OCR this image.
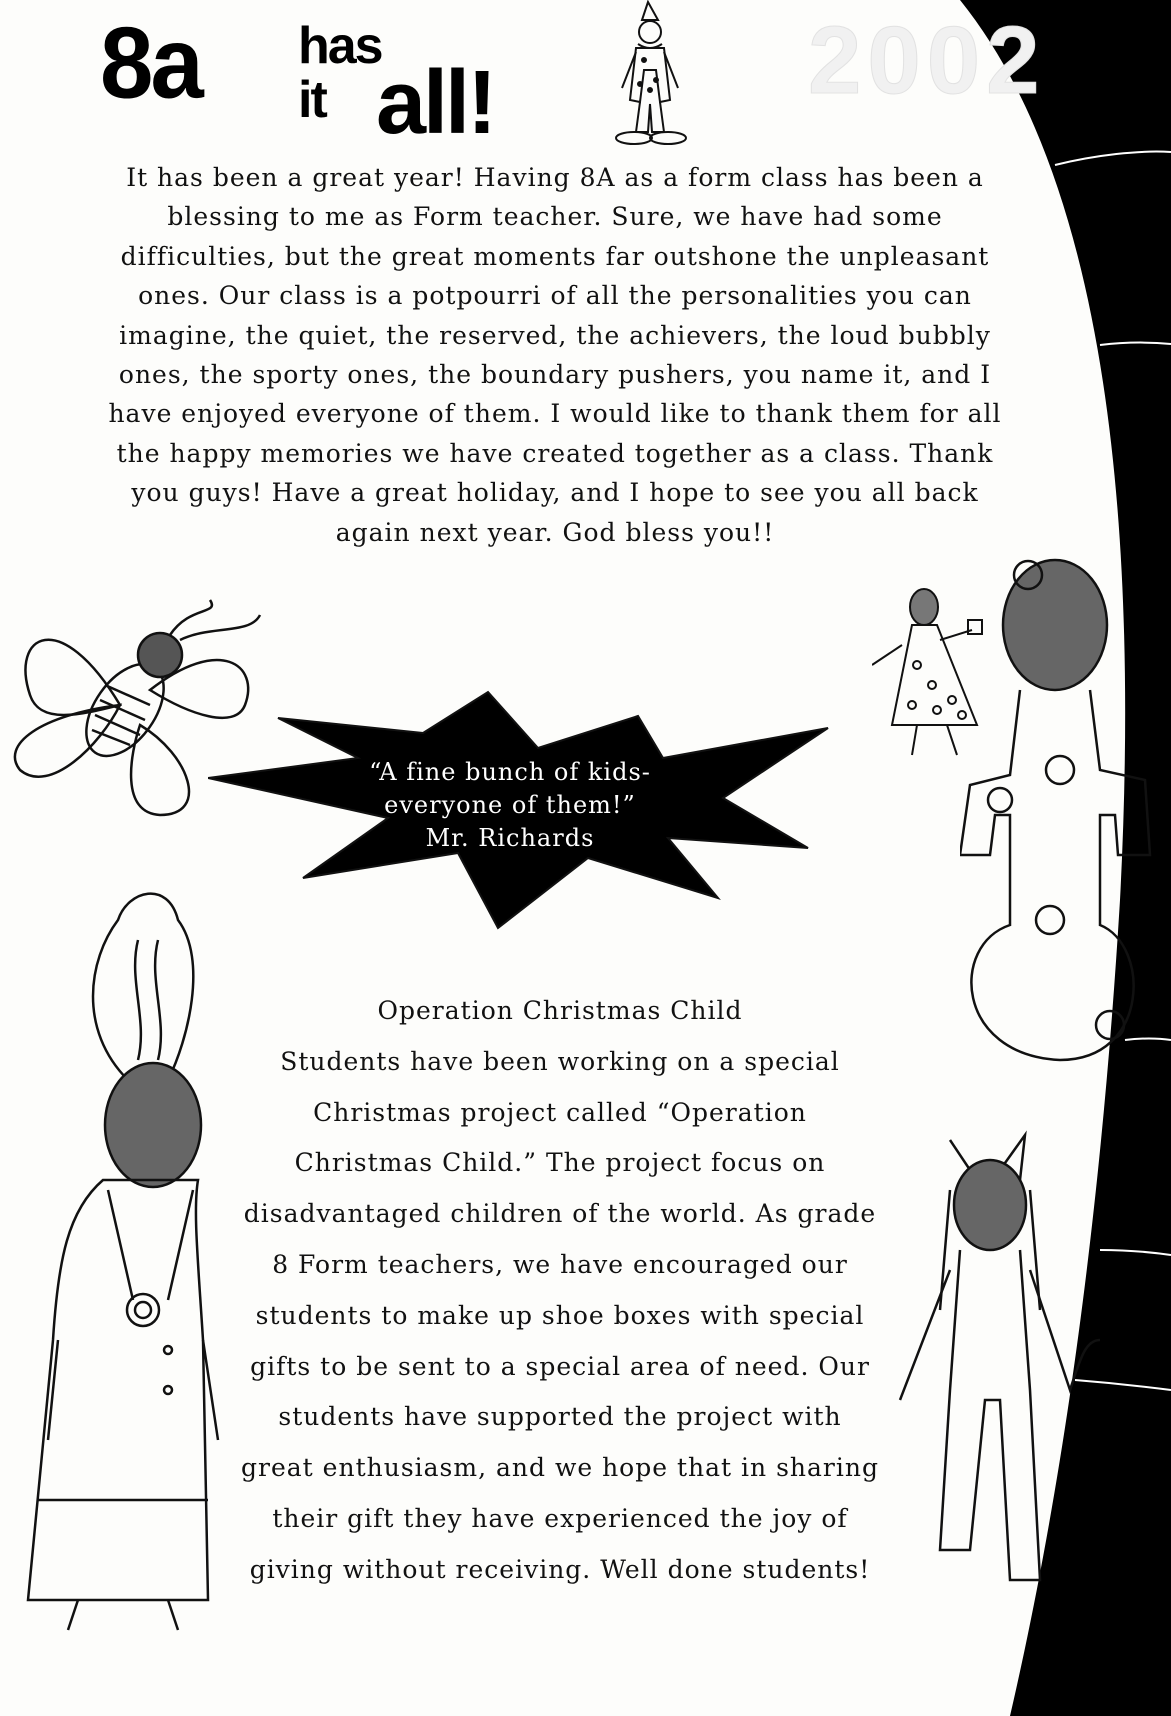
2002
8a has
it all!

It has been a great year! Having 8A as a form class has been a blessing to me as Form teacher. Sure, we have had some difficulties, but the great moments far outshone the unpleasant ones. Our class is a potpourri of all the personalities you can imagine, the quiet, the reserved, the achievers, the loud bubbly ones, the sporty ones, the boundary pushers, you name it, and I have enjoyed everyone of them. I would like to thank them for all the happy memories we have created together as a class. Thank you guys! Have a great holiday, and I hope to see you all back again next year. God bless you!!

“A fine bunch of kids-
everyone of them!”
Mr. Richards
Operation Christmas Child
Students have been working on a special Christmas project called “Operation Christmas Child.” The project focus on disadvantaged children of the world. As grade 8 Form teachers, we have encouraged our students to make up shoe boxes with special gifts to be sent to a special area of need. Our students have supported the project with great enthusiasm, and we hope that in sharing their gift they have experienced the joy of giving without receiving. Well done students!
